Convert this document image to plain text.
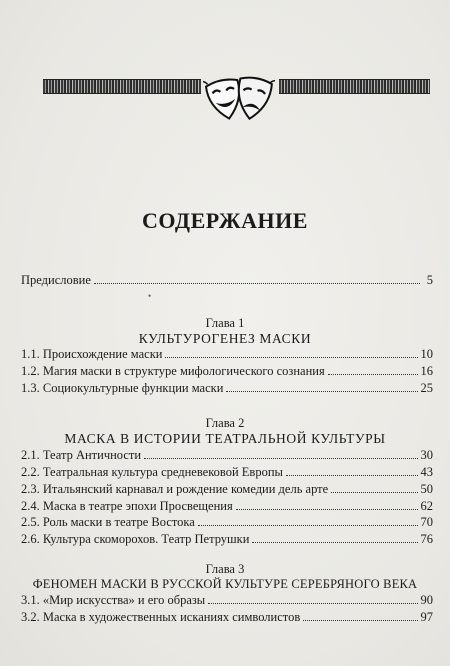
СОДЕРЖАНИЕ
Предисловие	5
•
Глава 1
КУЛЬТУРОГЕНЕЗ МАСКИ
1.1. Происхождение маски	10
1.2. Магия маски в структуре мифологического сознания	16
1.3. Социокультурные функции маски	25
Глава 2
МАСКА В ИСТОРИИ ТЕАТРАЛЬНОЙ КУЛЬТУРЫ
2.1. Театр Античности	30
2.2. Театральная культура средневековой Европы	43
2.3. Итальянский карнавал и рождение комедии дель арте	50
2.4. Маска в театре эпохи Просвещения	62
2.5. Роль маски в театре Востока	70
2.6. Культура скоморохов. Театр Петрушки	76
Глава 3
ФЕНОМЕН МАСКИ В РУССКОЙ КУЛЬТУРЕ СЕРЕБРЯНОГО ВЕКА
3.1. «Мир искусства» и его образы	90
3.2. Маска в художественных исканиях символистов	97
